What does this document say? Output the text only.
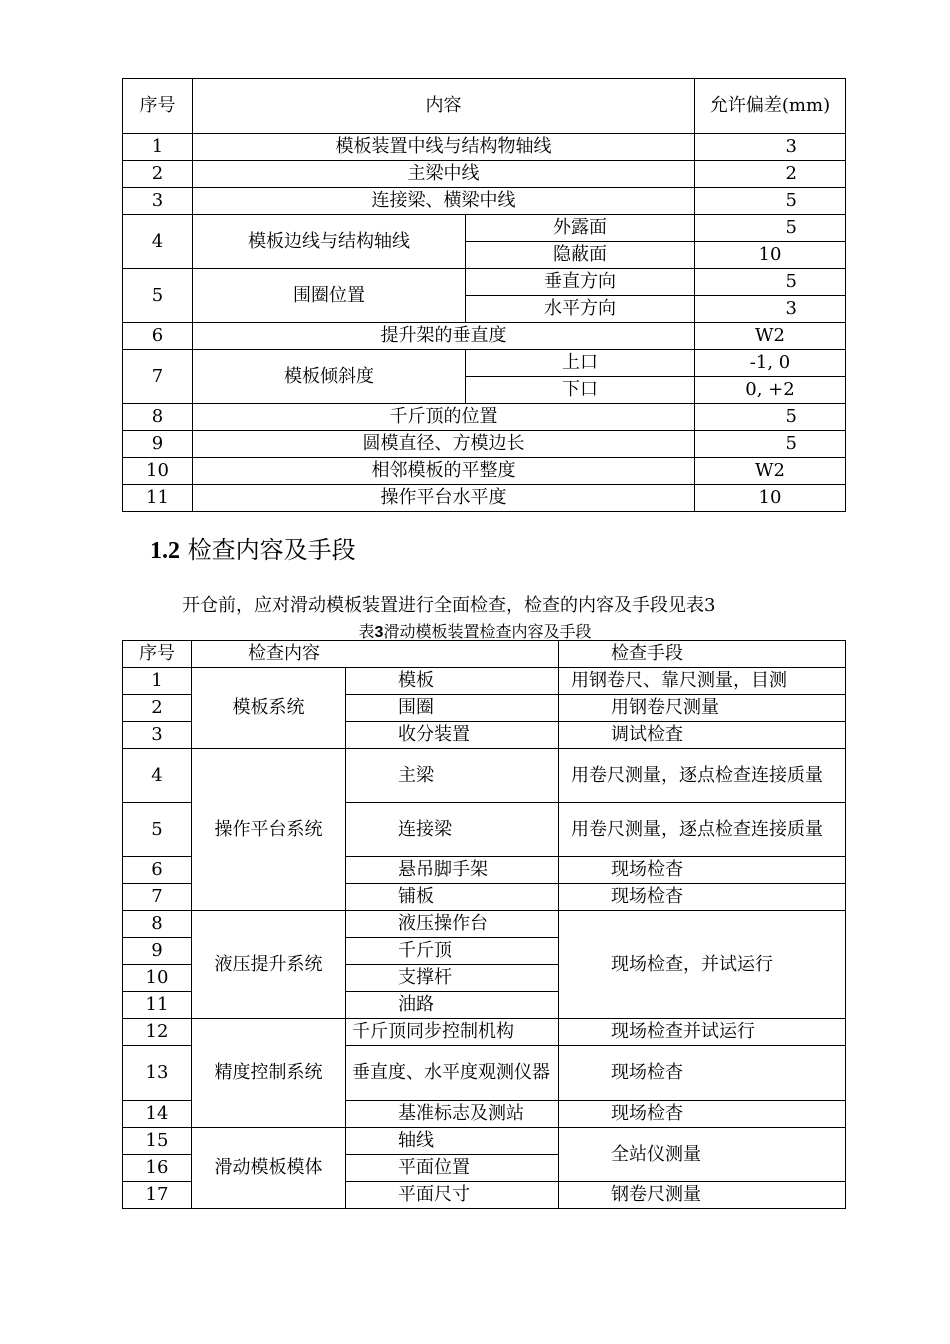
序号	内容		允许偏差(mm)
1	模板装置中线与结构物轴线		3
2	主梁中线		2
3	连接梁、横梁中线		5
4	模板边线与结构轴线	外露面	5
		隐蔽面	10
5	围圈位置	垂直方向	5
		水平方向	3
6	提升架的垂直度		W2
7	模板倾斜度	上口	-1, 0
		下口	0, +2
8	千斤顶的位置		5
9	圆模直径、方模边长		5
10	相邻模板的平整度		W2
11	操作平台水平度		10
1.2 检查内容及手段
开仓前，应对滑动模板装置进行全面检查，检查的内容及手段见表3
表3滑动模板装置检查内容及手段
序号	检查内容		检查手段
1	模板系统	模板	用钢卷尺、靠尺测量，目测
2		围圈	用钢卷尺测量
3		收分装置	调试检査
4	操作平台系统	主梁	用卷尺测量，逐点检查连接质量
5		连接梁	用卷尺测量，逐点检查连接质量
6		悬吊脚手架	现场检杳
7		铺板	现场检杳
8	液压提升系统	液压操作台	现场检查，并试运行
9		千斤顶	
10		支撑杆	
11		油路	
12	精度控制系统	千斤顶同步控制机构	现场检查并试运行
13		垂直度、水平度观测仪器	现场检杳
14		基准标志及测站	现场检杳
15	滑动模板模体	轴线	全站仪测量
16		平面位置	
17		平面尺寸	钢卷尺测量
